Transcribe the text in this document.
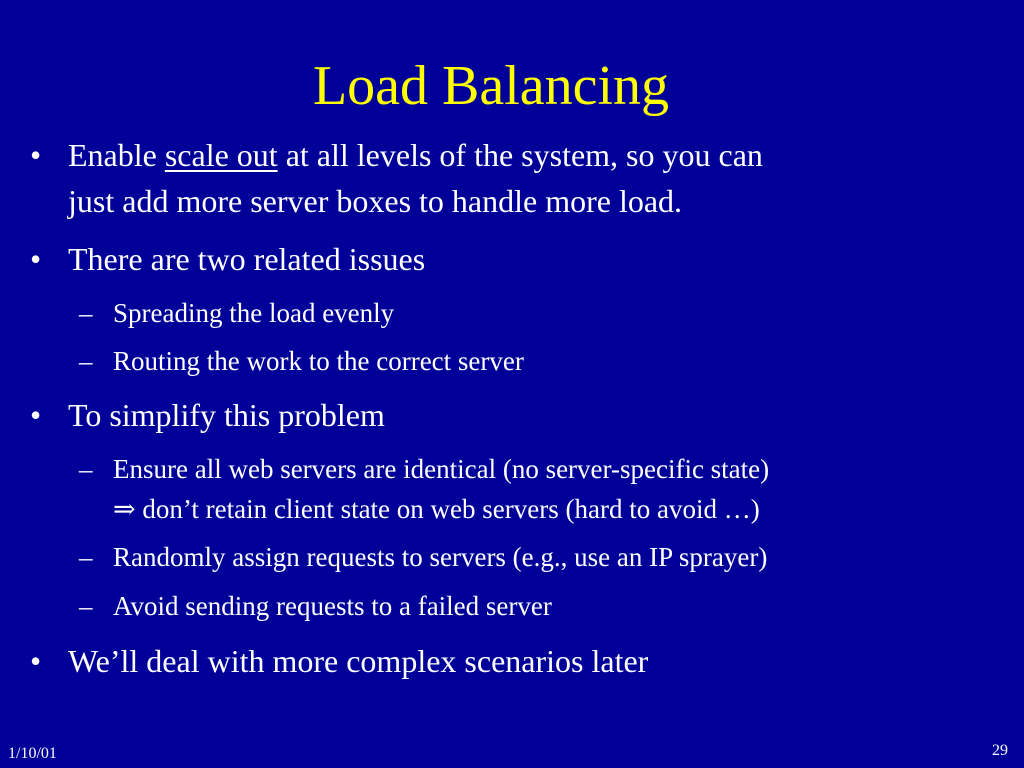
Load Balancing
• Enable scale out at all levels of the system, so you can
just add more server boxes to handle more load.
• There are two related issues
– Spreading the load evenly
– Routing the work to the correct server
• To simplify this problem
– Ensure all web servers are identical (no server-specific state)
⇒ don’t retain client state on web servers (hard to avoid …)
– Randomly assign requests to servers (e.g., use an IP sprayer)
– Avoid sending requests to a failed server
• We’ll deal with more complex scenarios later
1/10/01	29
